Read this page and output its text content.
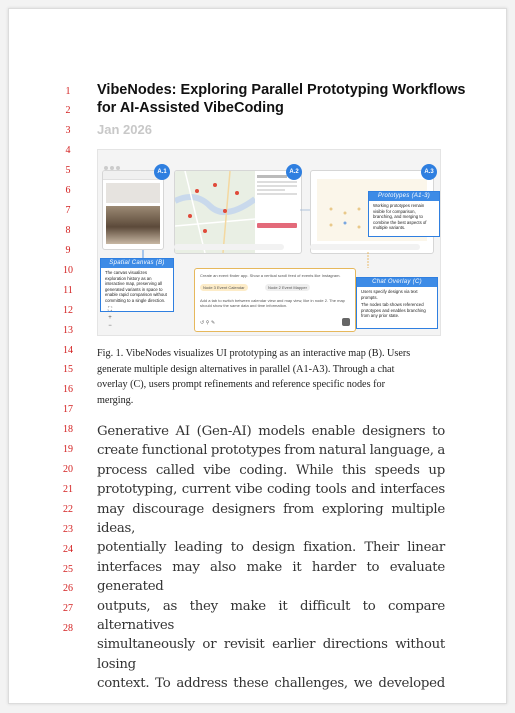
1
2
3
4
5
6
7
8
9
10
11
12
13
14
15
16
17
18
19
20
21
22
23
24
25
26
27
28
VibeNodes: Exploring Parallel Prototyping Workflows
for AI-Assisted VibeCoding
Jan 2026
A.1	A.2	A.3
Prototypes (A1-3)
Working prototypes remain visible for comparison, branching, and merging to combine the best aspects of multiple variants.
Spatial Canvas (B)
The canvas visualizes exploration history as an interactive map, preserving all generated variants in space to enable rapid comparison without committing to a single direction.
⛶
+
−
Create an event finder app. Show a vertical scroll feed of events like Instagram.
Node 3 Event Calendar	Node 2 Event Mapper
Add a tab to switch between calendar view and map view, like in node 2. The map should show the same data and time information.
↺ ⚲ ✎
Chat Overlay (C)
Users specify designs via text prompts.
The nodes tab shows referenced prototypes and enables branching from any prior state.
Fig. 1. VibeNodes visualizes UI prototyping as an interactive map (B). Users
generate multiple design alternatives in parallel (A1-A3). Through a chat
overlay (C), users prompt refinements and reference specific nodes for
merging.
Generative AI (Gen-AI) models enable designers to
create functional prototypes from natural language, a
process called vibe coding. While this speeds up
prototyping, current vibe coding tools and interfaces
may discourage designers from exploring multiple ideas,
potentially leading to design fixation. Their linear
interfaces may also make it harder to evaluate generated
outputs, as they make it difficult to compare alternatives
simultaneously or revisit earlier directions without losing
context. To address these challenges, we developed
